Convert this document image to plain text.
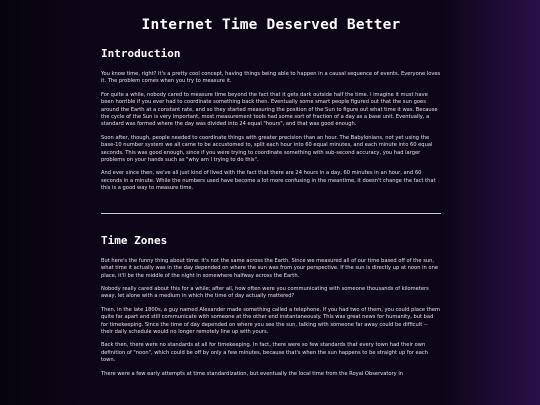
Internet Time Deserved Better
Introduction

You know time, right? It's a pretty cool concept, having things being able to happen in a causal sequence of events. Everyone loves it. The problem comes when you try to measure it.

For quite a while, nobody cared to measure time beyond the fact that it gets dark outside half the time. I imagine it must have been horrible if you ever had to coordinate something back then. Eventually some smart people figured out that the sun goes around the Earth at a constant rate, and so they started measuring the position of the Sun to figure out what time it was. Because the cycle of the Sun is very important, most measurement tools had some sort of fraction of a day as a base unit. Eventually, a standard was formed where the day was divided into 24 equal "hours", and that was good enough.

Soon after, though, people needed to coordinate things with greater precision than an hour. The Babylonians, not yet using the base-10 number system we all came to be accustomed to, split each hour into 60 equal minutes, and each minute into 60 equal seconds. This was good enough, since if you were trying to coordinate something with sub-second accuracy, you had larger problems on your hands such as "why am I trying to do this".

And ever since then, we've all just kind of lived with the fact that there are 24 hours in a day, 60 minutes in an hour, and 60 seconds in a minute. While the numbers used have become a lot more confusing in the meantime, it doesn't change the fact that this is a good way to measure time.

Time Zones

But here's the funny thing about time: it's not the same across the Earth. Since we measured all of our time based off of the sun, what time it actually was in the day depended on where the sun was from your perspective. If the sun is directly up at noon in one place, it'll be the middle of the night in somewhere halfway across the Earth.

Nobody really cared about this for a while; after all, how often were you communicating with someone thousands of kilometers away, let alone with a medium in which the time of day actually mattered?

Then, in the late 1800s, a guy named Alexander made something called a telephone. If you had two of them, you could place them quite far apart and still communicate with someone at the other end instantaneously. This was great news for humanity, but bad for timekeeping. Since the time of day depended on where you see the sun, talking with someone far away could be difficult -- their daily schedule would no longer remotely line up with yours.

Back then, there were no standards at all for timekeeping. In fact, there were so few standards that every town had their own definition of "noon", which could be off by only a few minutes, because that's when the sun happens to be straight up for each town.

There were a few early attempts at time standardization, but eventually the local time from the Royal Observatory in
